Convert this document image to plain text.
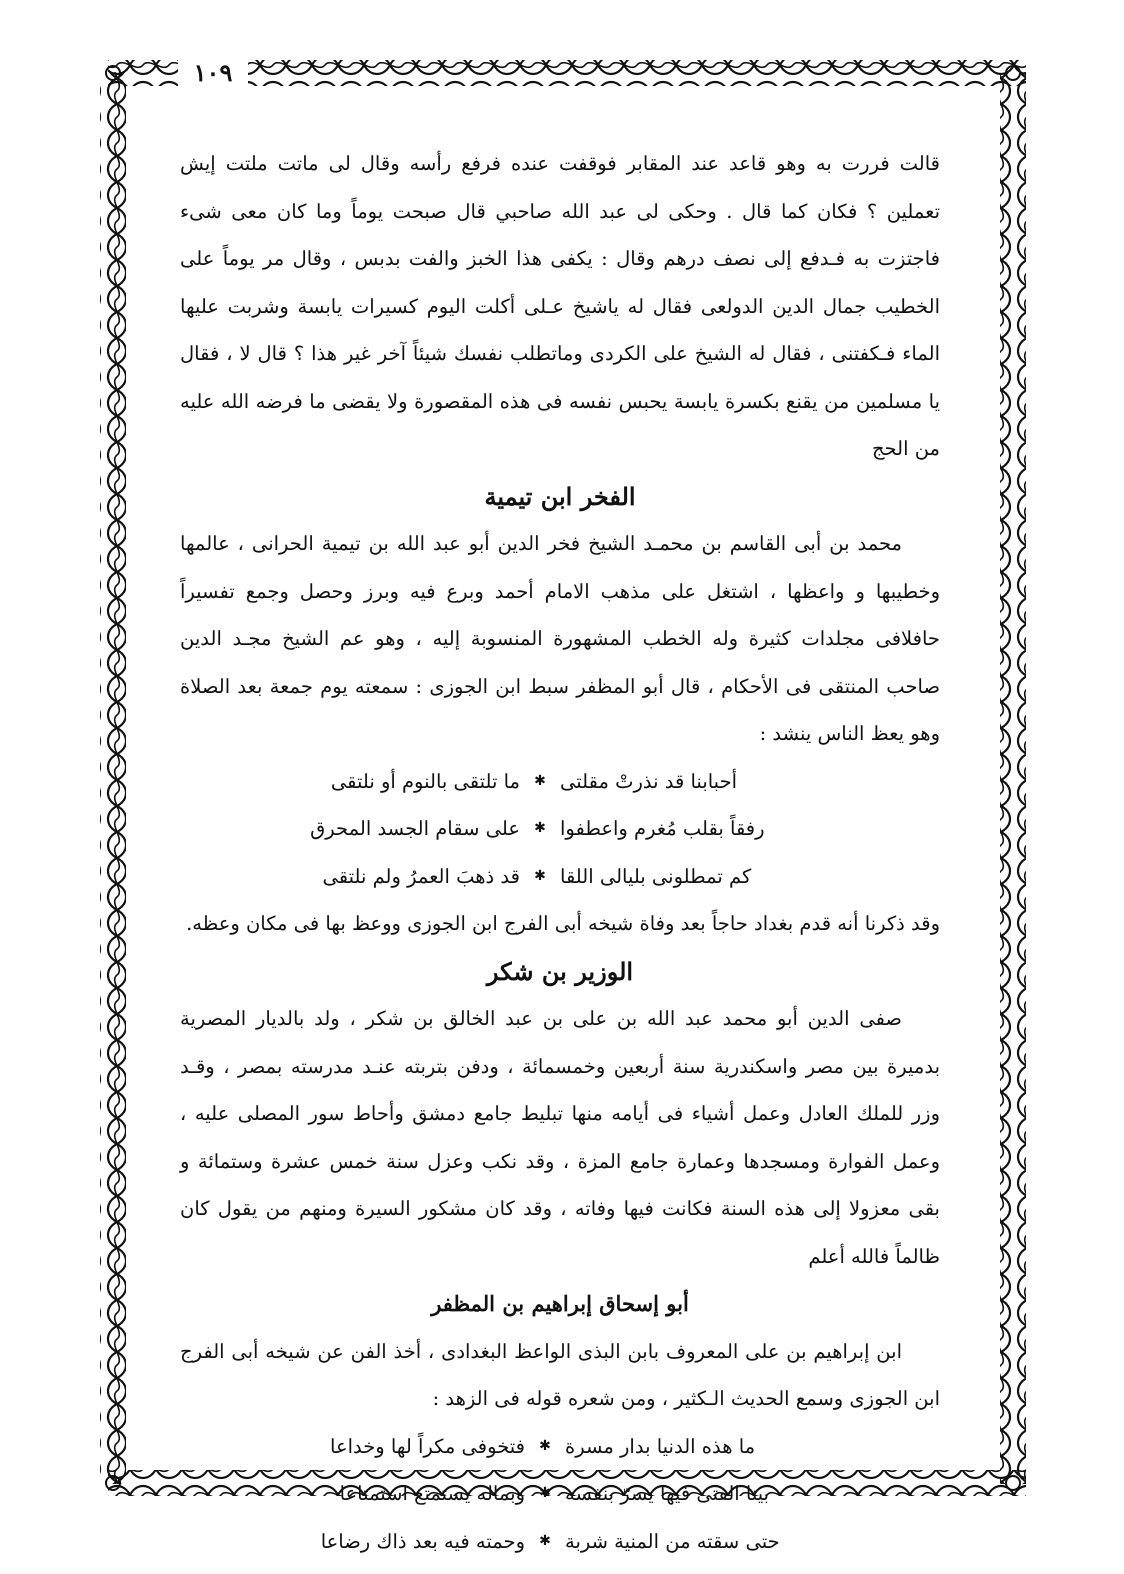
١٠٩

قالت فررت به وهو قاعد عند المقابر فوقفت عنده فرفع رأسه وقال لى ماتت ملتت إيش تعملين ؟ فكان كما قال . وحكى لى عبد الله صاحبي قال صبحت يوماً وما كان معى شىء فاجتزت به فـدفع إلى نصف درهم وقال : يكفى هذا الخبز والفت بدبس ، وقال مر يوماً على الخطيب جمال الدين الدولعى فقال له ياشيخ عـلى أكلت اليوم كسيرات يابسة وشربت عليها الماء فـكفتنى ، فقال له الشيخ على الكردى وماتطلب نفسك شيئاً آخر غير هذا ؟ قال لا ، فقال يا مسلمين من يقنع بكسرة يابسة يحبس نفسه فى هذه المقصورة ولا يقضى ما فرضه الله عليه من الحج

الفخر ابن تيمية

محمد بن أبى القاسم بن محمـد الشيخ فخر الدين أبو عبد الله بن تيمية الحرانى ، عالمها وخطيبها و واعظها ، اشتغل على مذهب الامام أحمد وبرع فيه وبرز وحصل وجمع تفسيراً حافلافى مجلدات كثيرة وله الخطب المشهورة المنسوبة إليه ، وهو عم الشيخ مجـد الدين صاحب المنتقى فى الأحكام ، قال أبو المظفر سبط ابن الجوزى : سمعته يوم جمعة بعد الصلاة وهو يعظ الناس ينشد :

أحبابنا قد نذرتْ مقلتى
✱
ما تلتقى بالنوم أو نلتقى
رفقاً بقلب مُغرم واعطفوا
✱
على سقام الجسد المحرق
كم تمطلونى بليالى اللقا
✱
قد ذهبَ العمرُ ولم نلتقى

وقد ذكرنا أنه قدم بغداد حاجاً بعد وفاة شيخه أبى الفرج ابن الجوزى ووعظ بها فى مكان وعظه.

الوزير بن شكر

صفى الدين أبو محمد عبد الله بن على بن عبد الخالق بن شكر ، ولد بالديار المصرية بدميرة بين مصر واسكندرية سنة أربعين وخمسمائة ، ودفن بتربته عنـد مدرسته بمصر ، وقـد وزر للملك العادل وعمل أشياء فى أيامه منها تبليط جامع دمشق وأحاط سور المصلى عليه ، وعمل الفوارة ومسجدها وعمارة جامع المزة ، وقد نكب وعزل سنة خمس عشرة وستمائة و بقى معزولا إلى هذه السنة فكانت فيها وفاته ، وقد كان مشكور السيرة ومنهم من يقول كان ظالماً فالله أعلم

أبو إسحاق إبراهيم بن المظفر

ابن إبراهيم بن على المعروف بابن البذى الواعظ البغدادى ، أخذ الفن عن شيخه أبى الفرج ابن الجوزى وسمع الحديث الـكثير ، ومن شعره قوله فى الزهد :

ما هذه الدنيا بدار مسرة
✱
فتخوفى مكراً لها وخداعا
بينا الفتى فيها يسرّ بنفسه
✱
وبماله يستمتع استمتاعا
حتى سقته من المنية شربة
✱
وحمته فيه بعد ذاك رضاعا
